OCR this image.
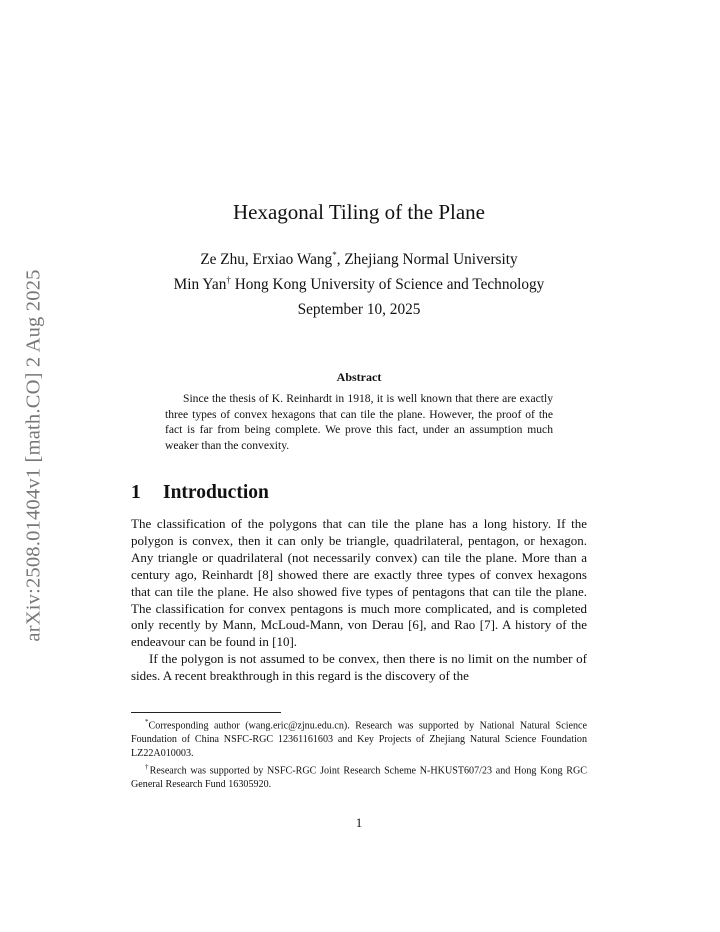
arXiv:2508.01404v1 [math.CO] 2 Aug 2025
Hexagonal Tiling of the Plane
Ze Zhu, Erxiao Wang*, Zhejiang Normal University
Min Yan† Hong Kong University of Science and Technology
September 10, 2025
Abstract
Since the thesis of K. Reinhardt in 1918, it is well known that there are exactly three types of convex hexagons that can tile the plane. However, the proof of the fact is far from being complete. We prove this fact, under an assumption much weaker than the convexity.
1 Introduction

The classification of the polygons that can tile the plane has a long history. If the polygon is convex, then it can only be triangle, quadrilateral, pentagon, or hexagon. Any triangle or quadrilateral (not necessarily convex) can tile the plane. More than a century ago, Reinhardt [8] showed there are exactly three types of convex hexagons that can tile the plane. He also showed five types of pentagons that can tile the plane. The classification for convex pentagons is much more complicated, and is completed only recently by Mann, McLoud-Mann, von Derau [6], and Rao [7]. A history of the endeavour can be found in [10].

If the polygon is not assumed to be convex, then there is no limit on the number of sides. A recent breakthrough in this regard is the discovery of the

*Corresponding author (wang.eric@zjnu.edu.cn). Research was supported by National Natural Science Foundation of China NSFC-RGC 12361161603 and Key Projects of Zhejiang Natural Science Foundation LZ22A010003.

†Research was supported by NSFC-RGC Joint Research Scheme N-HKUST607/23 and Hong Kong RGC General Research Fund 16305920.

1
